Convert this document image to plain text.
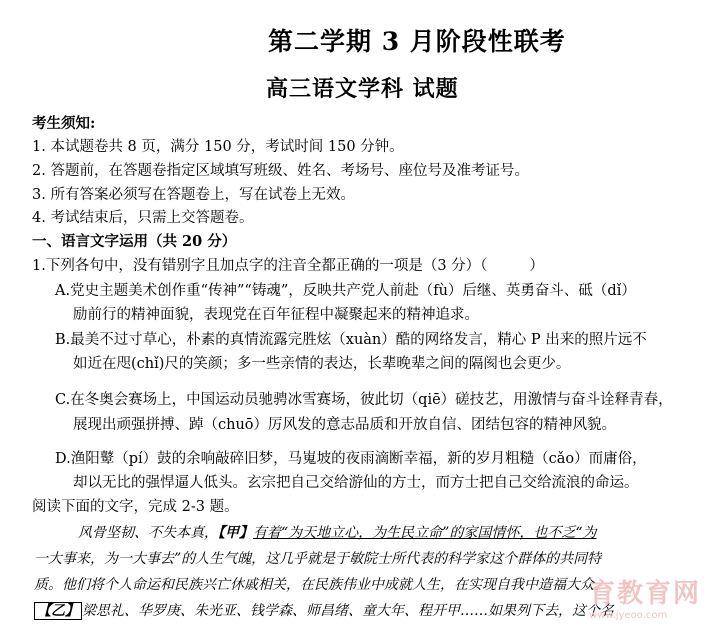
第二学期 3 月阶段性联考
高三语文学科 试题
考生须知:
1. 本试题卷共 8 页，满分 150 分，考试时间 150 分钟。
2. 答题前，在答题卷指定区域填写班级、姓名、考场号、座位号及准考证号。
3. 所有答案必须写在答题卷上，写在试卷上无效。
4. 考试结束后，只需上交答题卷。
一、语言文字运用（共 20 分）
1.下列各句中，没有错别字且加点字的注音全都正确的一项是（3 分）（	）
A.党史主题美术创作重“传神”“铸魂”，反映共产党人前赴（fù）后继、英勇奋斗、砥（dǐ）
励前行的精神面貌，表现党在百年征程中凝聚起来的精神追求。
B.最美不过寸草心，朴素的真情流露完胜炫（xuàn）酷的网络发言，精心 P 出来的照片远不
如近在咫(chǐ)尺的笑颜；多一些亲情的表达，长辈晚辈之间的隔阂也会更少。
C.在冬奥会赛场上，中国运动员驰骋冰雪赛场，彼此切（qiē）磋技艺，用激情与奋斗诠释青春，
展现出顽强拼搏、踔（chuō）厉风发的意志品质和开放自信、团结包容的精神风貌。
D.渔阳鼙（pí）鼓的余响敲碎旧梦，马嵬坡的夜雨滴断幸福，新的岁月粗糙（cǎo）而庸俗，
却以无比的强悍逼人低头。玄宗把自己交给游仙的方士，而方士把自己交给流浪的命运。
阅读下面的文字，完成 2-3 题。
风骨坚韧、不失本真，【甲】有着“为天地立心，为生民立命”的家国情怀，也不乏“为
一大事来，为一大事去”的人生气魄，这几乎就是于敏院士所代表的科学家这个群体的共同特
质。他们将个人命运和民族兴亡休戚相关，在民族伟业中成就人生，在实现自我中造福大众。
【乙】 梁思礼、华罗庚、朱光亚、钱学森、师昌绪、童大年、程开甲……如果列下去，这个名
育教育网
www.jyeoo.com
